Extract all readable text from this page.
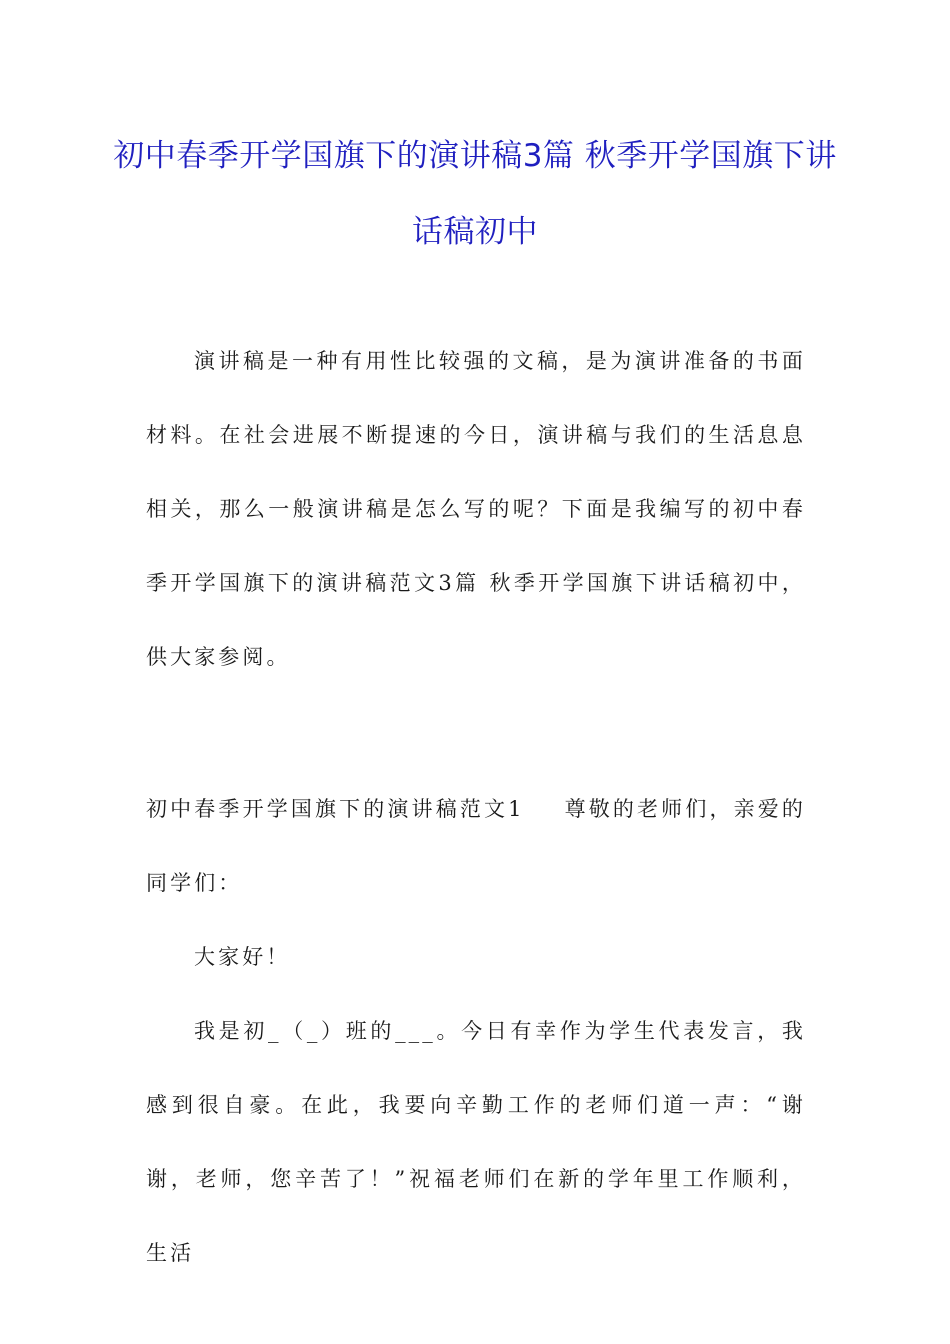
初中春季开学国旗下的演讲稿3篇 秋季开学国旗下讲话稿初中

演讲稿是一种有用性比较强的文稿，是为演讲准备的书面材料。在社会进展不断提速的今日，演讲稿与我们的生活息息相关，那么一般演讲稿是怎么写的呢？下面是我编写的初中春季开学国旗下的演讲稿范文3篇 秋季开学国旗下讲话稿初中，供大家参阅。

初中春季开学国旗下的演讲稿范文1 尊敬的老师们，亲爱的同学们：

大家好！

我是初_（_）班的___。今日有幸作为学生代表发言，我感到很自豪。在此，我要向辛勤工作的老师们道一声：“谢谢，老师，您辛苦了！”祝福老师们在新的学年里工作顺利，生活
